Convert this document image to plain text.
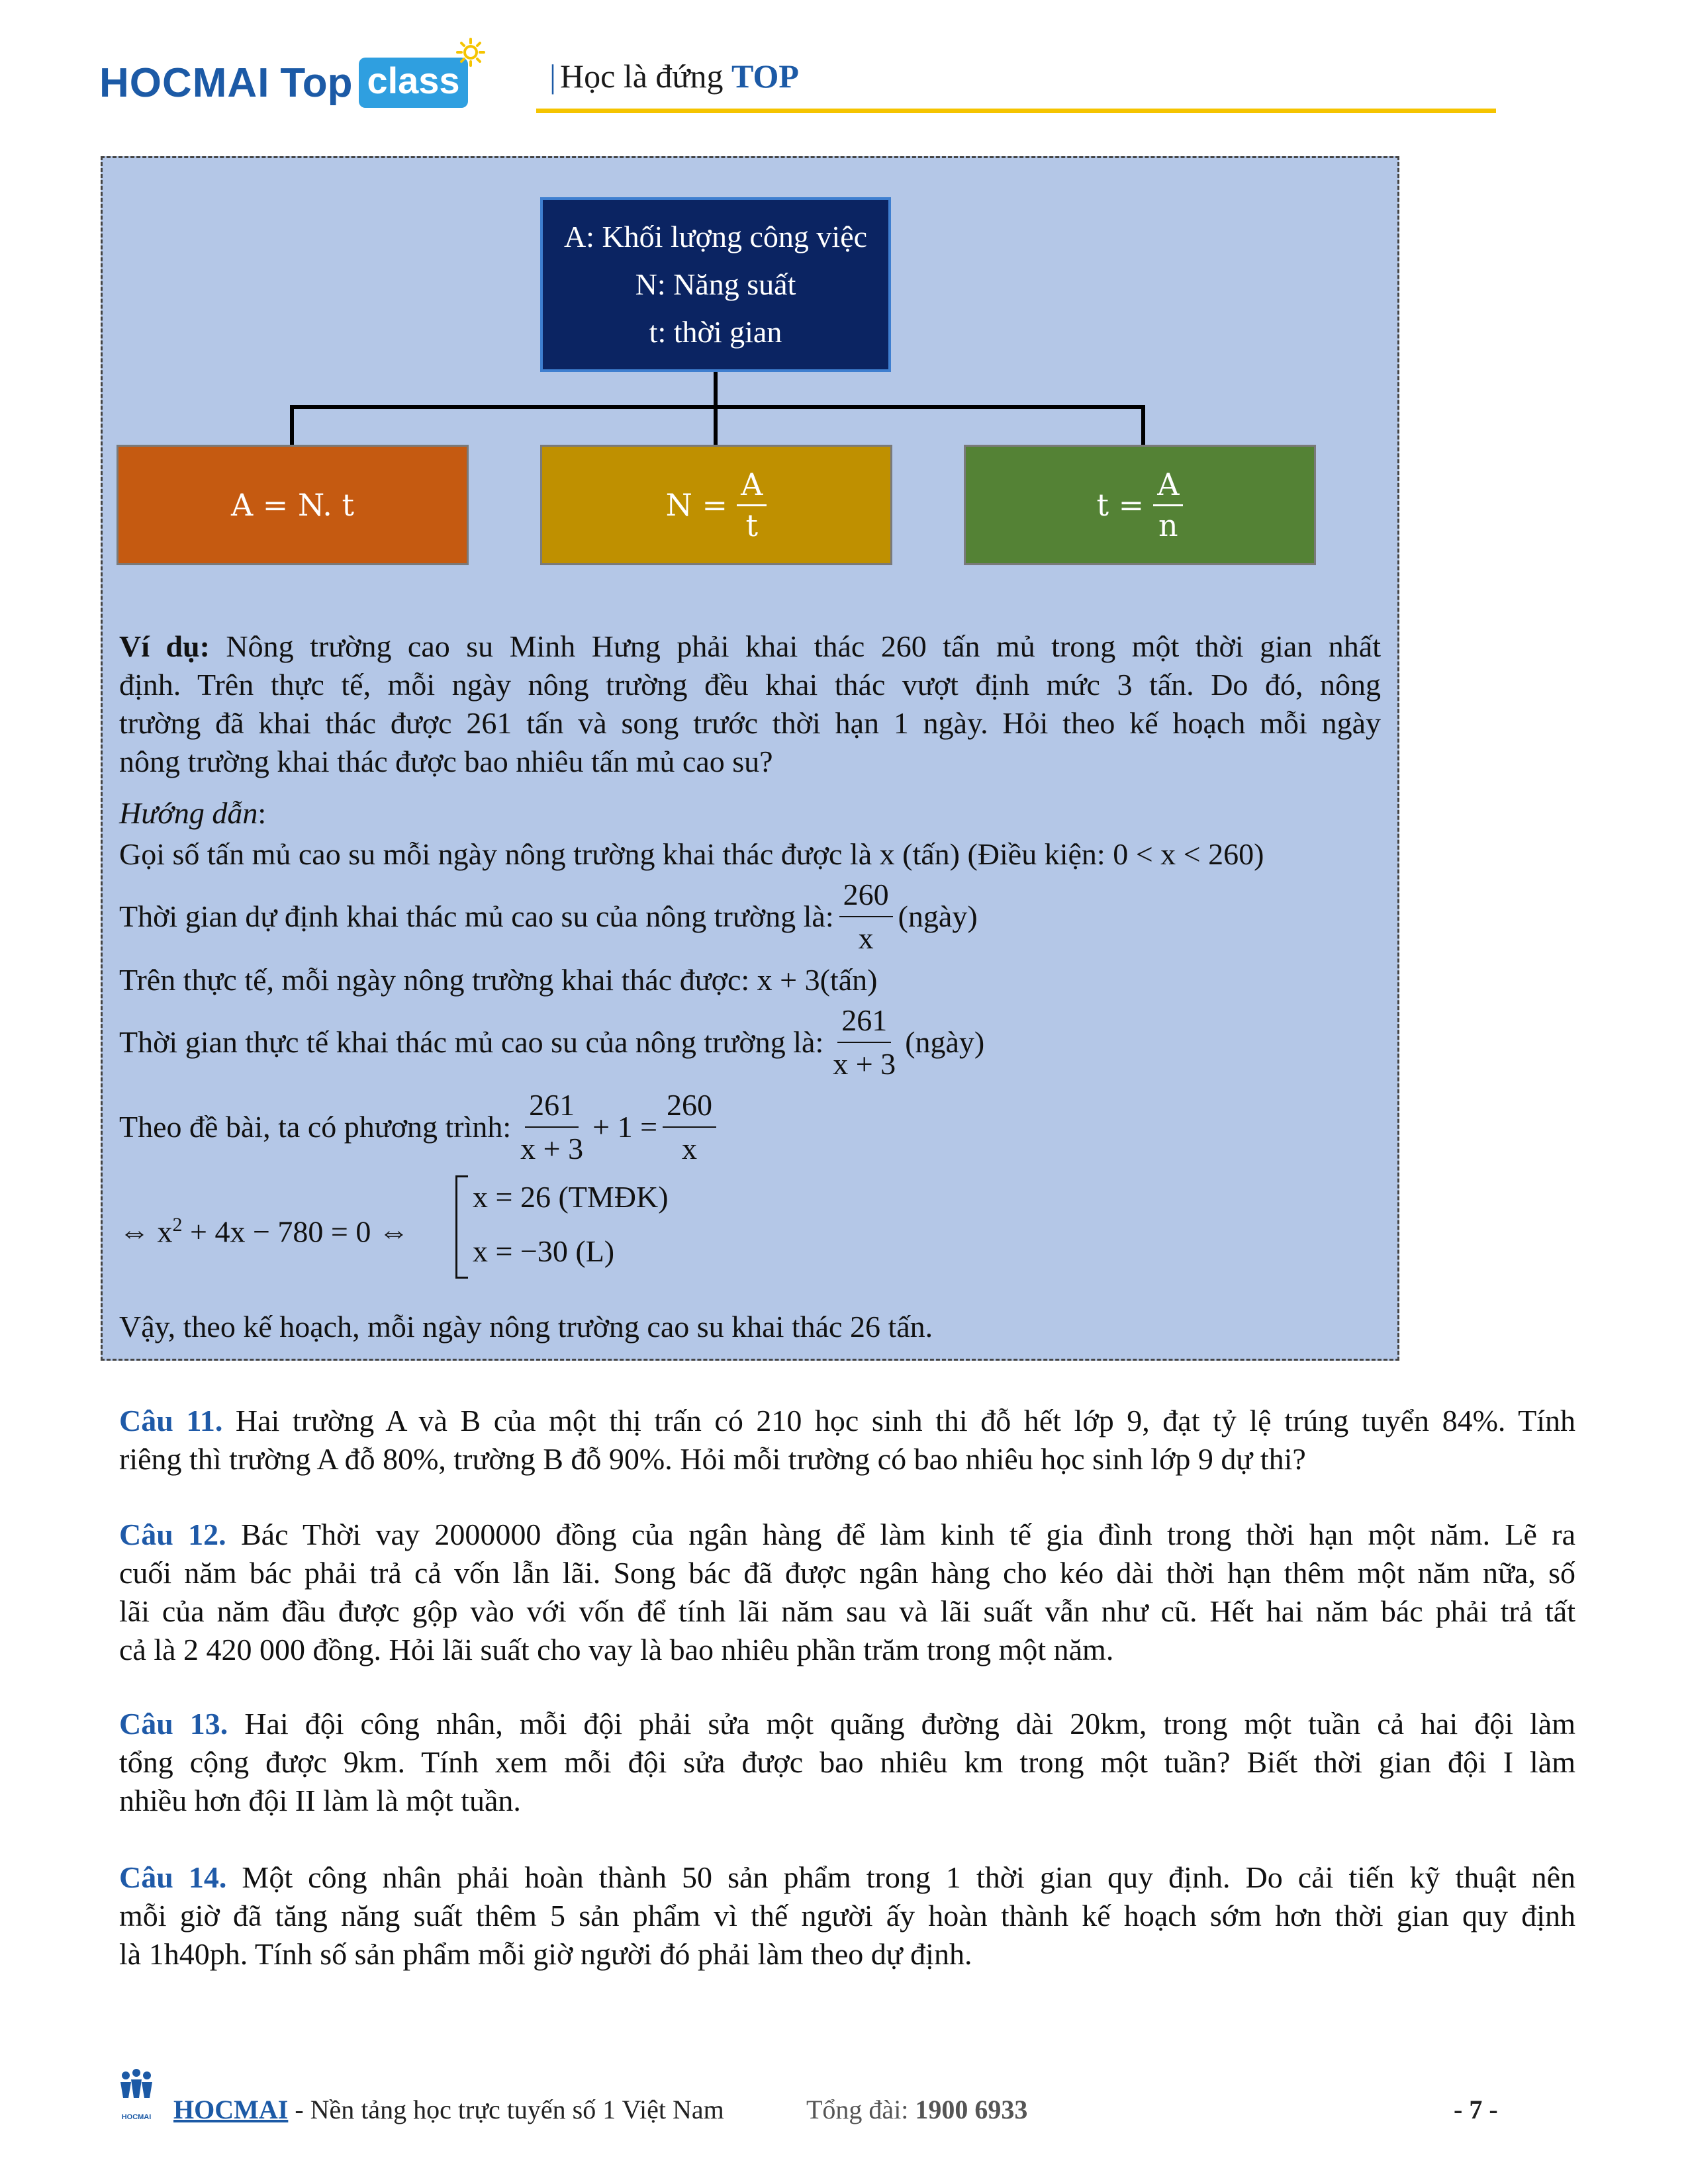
HOCMAI Top class	| Học là đứng TOP
A: Khối lượng công việc
N: Năng suất
t: thời gian
A = N. t	$N = \frac{A}{t}$	$t = \frac{A}{n}$
Ví dụ: Nông trường cao su Minh Hưng phải khai thác 260 tấn mủ trong một thời gian nhất
định. Trên thực tế, mỗi ngày nông trường đều khai thác vượt định mức 3 tấn. Do đó, nông
trường đã khai thác được 261 tấn và song trước thời hạn 1 ngày. Hỏi theo kế hoạch mỗi ngày
nông trường khai thác được bao nhiêu tấn mủ cao su?
Hướng dẫn:
Gọi số tấn mủ cao su mỗi ngày nông trường khai thác được là x (tấn) (Điều kiện: 0 < x < 260)
Thời gian dự định khai thác mủ cao su của nông trường là: $\frac{260}{x}$ (ngày)
Trên thực tế, mỗi ngày nông trường khai thác được: x + 3(tấn)
Thời gian thực tế khai thác mủ cao su của nông trường là: $\frac{261}{x + 3}$ (ngày)
Theo đề bài, ta có phương trình: $\frac{261}{x + 3} + 1 = \frac{260}{x}$
⇔ $x^2 + 4x - 780 = 0$ ⇔
x = 26 (TMĐK)
x = −30 (L)
Vậy, theo kế hoạch, mỗi ngày nông trường cao su khai thác 26 tấn.
Câu 11. Hai trường A và B của một thị trấn có 210 học sinh thi đỗ hết lớp 9, đạt tỷ lệ trúng tuyển 84%. Tính
riêng thì trường A đỗ 80%, trường B đỗ 90%. Hỏi mỗi trường có bao nhiêu học sinh lớp 9 dự thi?
Câu 12. Bác Thời vay 2000000 đồng của ngân hàng để làm kinh tế gia đình trong thời hạn một năm. Lẽ ra
cuối năm bác phải trả cả vốn lẫn lãi. Song bác đã được ngân hàng cho kéo dài thời hạn thêm một năm nữa, số
lãi của năm đầu được gộp vào với vốn để tính lãi năm sau và lãi suất vẫn như cũ. Hết hai năm bác phải trả tất
cả là 2 420 000 đồng. Hỏi lãi suất cho vay là bao nhiêu phần trăm trong một năm.
Câu 13. Hai đội công nhân, mỗi đội phải sửa một quãng đường dài 20km, trong một tuần cả hai đội làm
tổng cộng được 9km. Tính xem mỗi đội sửa được bao nhiêu km trong một tuần? Biết thời gian đội I làm
nhiều hơn đội II làm là một tuần.
Câu 14. Một công nhân phải hoàn thành 50 sản phẩm trong 1 thời gian quy định. Do cải tiến kỹ thuật nên
mỗi giờ đã tăng năng suất thêm 5 sản phẩm vì thế người ấy hoàn thành kế hoạch sớm hơn thời gian quy định
là 1h40ph. Tính số sản phẩm mỗi giờ người đó phải làm theo dự định.
HOCMAI HOCMAI - Nền tảng học trực tuyến số 1 Việt Nam	Tổng đài: 1900 6933	- 7 -
